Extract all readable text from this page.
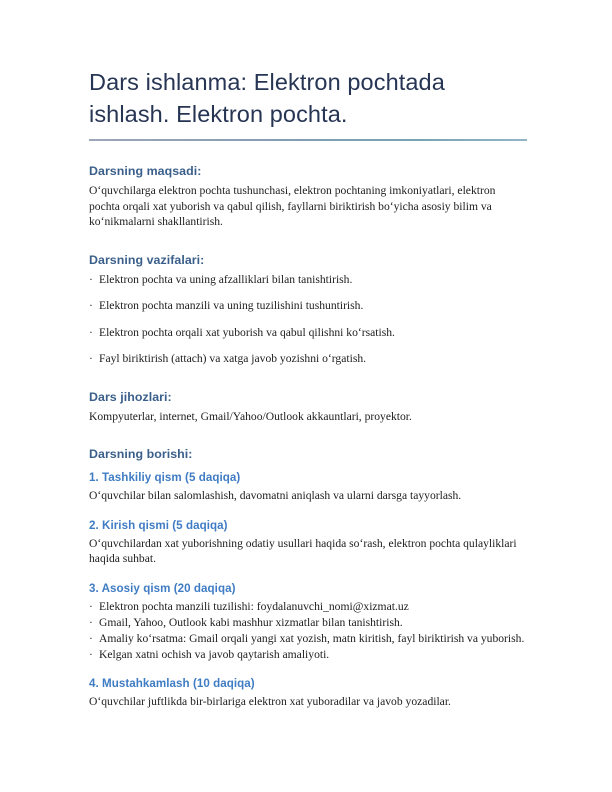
Dars ishlanma: Elektron pochtada ishlash. Elektron pochta.
Darsning maqsadi:

O‘quvchilarga elektron pochta tushunchasi, elektron pochtaning imkoniyatlari, elektron pochta orqali xat yuborish va qabul qilish, fayllarni biriktirish bo‘yicha asosiy bilim va ko‘nikmalarni shakllantirish.

Darsning vazifalari:
· Elektron pochta va uning afzalliklari bilan tanishtirish.
· Elektron pochta manzili va uning tuzilishini tushuntirish.
· Elektron pochta orqali xat yuborish va qabul qilishni ko‘rsatish.
· Fayl biriktirish (attach) va xatga javob yozishni o‘rgatish.
Dars jihozlari:

Kompyuterlar, internet, Gmail/Yahoo/Outlook akkauntlari, proyektor.

Darsning borishi:
1. Tashkiliy qism (5 daqiqa)

O‘quvchilar bilan salomlashish, davomatni aniqlash va ularni darsga tayyorlash.

2. Kirish qismi (5 daqiqa)

O‘quvchilardan xat yuborishning odatiy usullari haqida so‘rash, elektron pochta qulayliklari haqida suhbat.

3. Asosiy qism (20 daqiqa)
· Elektron pochta manzili tuzilishi: foydalanuvchi_nomi@xizmat.uz
· Gmail, Yahoo, Outlook kabi mashhur xizmatlar bilan tanishtirish.
· Amaliy ko‘rsatma: Gmail orqali yangi xat yozish, matn kiritish, fayl biriktirish va yuborish.
· Kelgan xatni ochish va javob qaytarish amaliyoti.
4. Mustahkamlash (10 daqiqa)

O‘quvchilar juftlikda bir-birlariga elektron xat yuboradilar va javob yozadilar.
